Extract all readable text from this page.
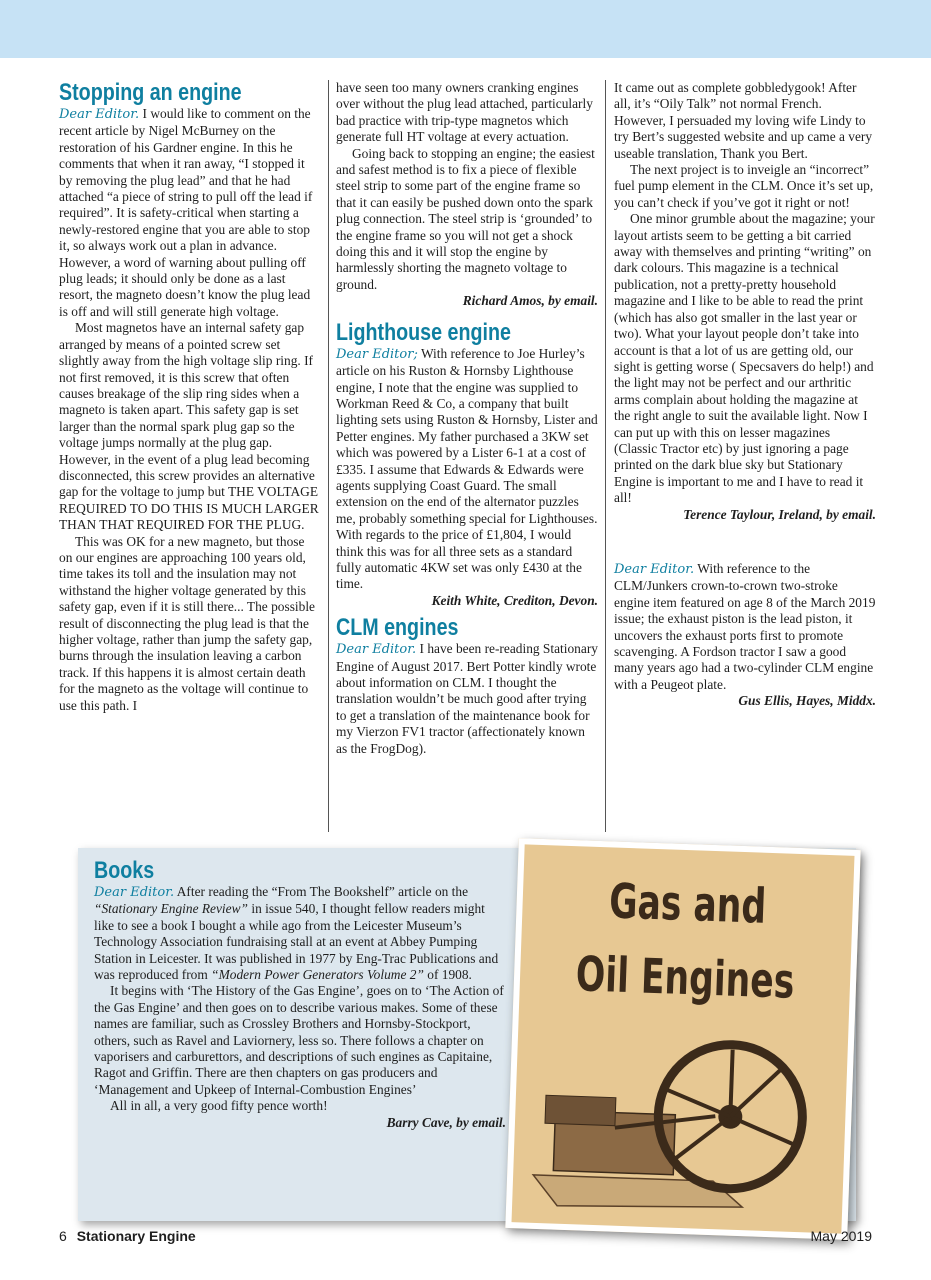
Stopping an engine

Dear Editor. I would like to comment on the recent article by Nigel McBurney on the restoration of his Gardner engine. In this he comments that when it ran away, “I stopped it by removing the plug lead” and that he had attached “a piece of string to pull off the lead if required”. It is safety-critical when starting a newly-restored engine that you are able to stop it, so always work out a plan in advance. However, a word of warning about pulling off plug leads; it should only be done as a last resort, the magneto doesn’t know the plug lead is off and will still generate high voltage.

Most magnetos have an internal safety gap arranged by means of a pointed screw set slightly away from the high voltage slip ring. If not first removed, it is this screw that often causes breakage of the slip ring sides when a magneto is taken apart. This safety gap is set larger than the normal spark plug gap so the voltage jumps normally at the plug gap. However, in the event of a plug lead becoming disconnected, this screw provides an alternative gap for the voltage to jump but THE VOLTAGE REQUIRED TO DO THIS IS MUCH LARGER THAN THAT REQUIRED FOR THE PLUG.

This was OK for a new magneto, but those on our engines are approaching 100 years old, time takes its toll and the insulation may not withstand the higher voltage generated by this safety gap, even if it is still there... The possible result of disconnecting the plug lead is that the higher voltage, rather than jump the safety gap, burns through the insulation leaving a carbon track. If this happens it is almost certain death for the magneto as the voltage will continue to use this path. I

have seen too many owners cranking engines over without the plug lead attached, particularly bad practice with trip-type magnetos which generate full HT voltage at every actuation.

Going back to stopping an engine; the easiest and safest method is to fix a piece of flexible steel strip to some part of the engine frame so that it can easily be pushed down onto the spark plug connection. The steel strip is ‘grounded’ to the engine frame so you will not get a shock doing this and it will stop the engine by harmlessly shorting the magneto voltage to ground.

Richard Amos, by email.

Lighthouse engine

Dear Editor; With reference to Joe Hurley’s article on his Ruston & Hornsby Lighthouse engine, I note that the engine was supplied to Workman Reed & Co, a company that built lighting sets using Ruston & Hornsby, Lister and Petter engines. My father purchased a 3KW set which was powered by a Lister 6-1 at a cost of £335. I assume that Edwards & Edwards were agents supplying Coast Guard. The small extension on the end of the alternator puzzles me, probably something special for Lighthouses. With regards to the price of £1,804, I would think this was for all three sets as a standard fully automatic 4KW set was only £430 at the time.

Keith White, Crediton, Devon.

CLM engines

Dear Editor. I have been re-reading Stationary Engine of August 2017. Bert Potter kindly wrote about information on CLM. I thought the translation wouldn’t be much good after trying to get a translation of the maintenance book for my Vierzon FV1 tractor (affectionately known as the FrogDog).

It came out as complete gobbledygook! After all, it’s “Oily Talk” not normal French. However, I persuaded my loving wife Lindy to try Bert’s suggested website and up came a very useable translation, Thank you Bert.

The next project is to inveigle an “incorrect” fuel pump element in the CLM. Once it’s set up, you can’t check if you’ve got it right or not!

One minor grumble about the magazine; your layout artists seem to be getting a bit carried away with themselves and printing “writing” on dark colours. This magazine is a technical publication, not a pretty-pretty household magazine and I like to be able to read the print (which has also got smaller in the last year or two). What your layout people don’t take into account is that a lot of us are getting old, our sight is getting worse ( Specsavers do help!) and the light may not be perfect and our arthritic arms complain about holding the magazine at the right angle to suit the available light. Now I can put up with this on lesser magazines (Classic Tractor etc) by just ignoring a page printed on the dark blue sky but Stationary Engine is important to me and I have to read it all!

Terence Taylour, Ireland, by email.

Dear Editor. With reference to the CLM/Junkers crown-to-crown two-stroke engine item featured on age 8 of the March 2019 issue; the exhaust piston is the lead piston, it uncovers the exhaust ports first to promote scavenging. A Fordson tractor I saw a good many years ago had a two-cylinder CLM engine with a Peugeot plate.

Gus Ellis, Hayes, Middx.

Books

Dear Editor. After reading the “From The Bookshelf” article on the “Stationary Engine Review” in issue 540, I thought fellow readers might like to see a book I bought a while ago from the Leicester Museum’s Technology Association fundraising stall at an event at Abbey Pumping Station in Leicester. It was published in 1977 by Eng-Trac Publications and was reproduced from “Modern Power Generators Volume 2” of 1908.

It begins with ‘The History of the Gas Engine’, goes on to ‘The Action of the Gas Engine’ and then goes on to describe various makes. Some of these names are familiar, such as Crossley Brothers and Hornsby-Stockport, others, such as Ravel and Laviornery, less so. There follows a chapter on vaporisers and carburettors, and descriptions of such engines as Capitaine, Ragot and Griffin. There are then chapters on gas producers and ‘Management and Upkeep of Internal-Combustion Engines’

All in all, a very good fifty pence worth!

Barry Cave, by email.

Gas and
Oil Engines
6 Stationary Engine	May 2019
